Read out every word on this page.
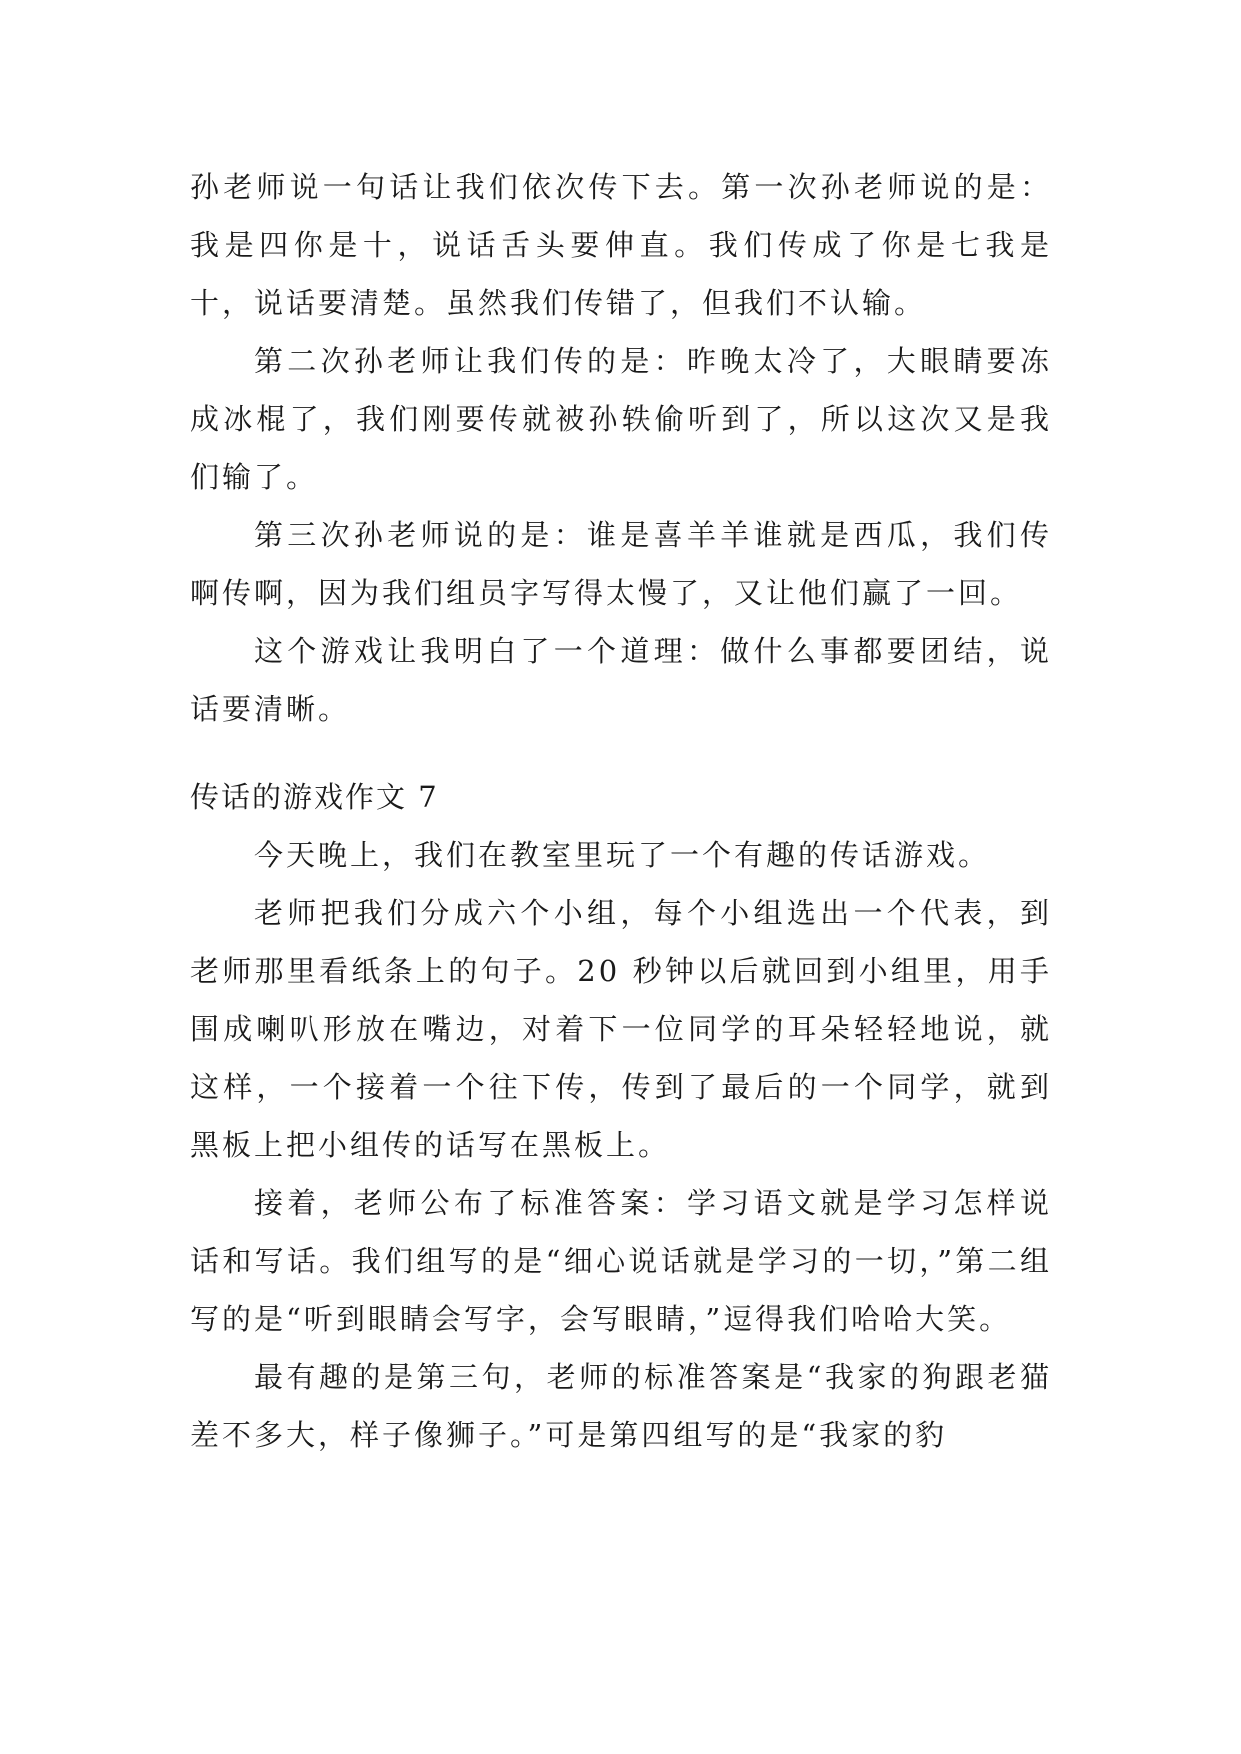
孙老师说一句话让我们依次传下去。第一次孙老师说的是：我是四你是十，说话舌头要伸直。我们传成了你是七我是十，说话要清楚。虽然我们传错了，但我们不认输。

第二次孙老师让我们传的是：昨晚太冷了，大眼睛要冻成冰棍了，我们刚要传就被孙轶偷听到了，所以这次又是我们输了。

第三次孙老师说的是：谁是喜羊羊谁就是西瓜，我们传啊传啊，因为我们组员字写得太慢了，又让他们赢了一回。

这个游戏让我明白了一个道理：做什么事都要团结，说话要清晰。

传话的游戏作文 7

今天晚上，我们在教室里玩了一个有趣的传话游戏。

老师把我们分成六个小组，每个小组选出一个代表，到老师那里看纸条上的句子。20 秒钟以后就回到小组里，用手围成喇叭形放在嘴边，对着下一位同学的耳朵轻轻地说，就这样，一个接着一个往下传，传到了最后的一个同学，就到黑板上把小组传的话写在黑板上。

接着，老师公布了标准答案：学习语文就是学习怎样说话和写话。我们组写的是“细心说话就是学习的一切，”第二组写的是“听到眼睛会写字，会写眼睛，”逗得我们哈哈大笑。

最有趣的是第三句，老师的标准答案是“我家的狗跟老猫差不多大，样子像狮子。”可是第四组写的是“我家的豹
